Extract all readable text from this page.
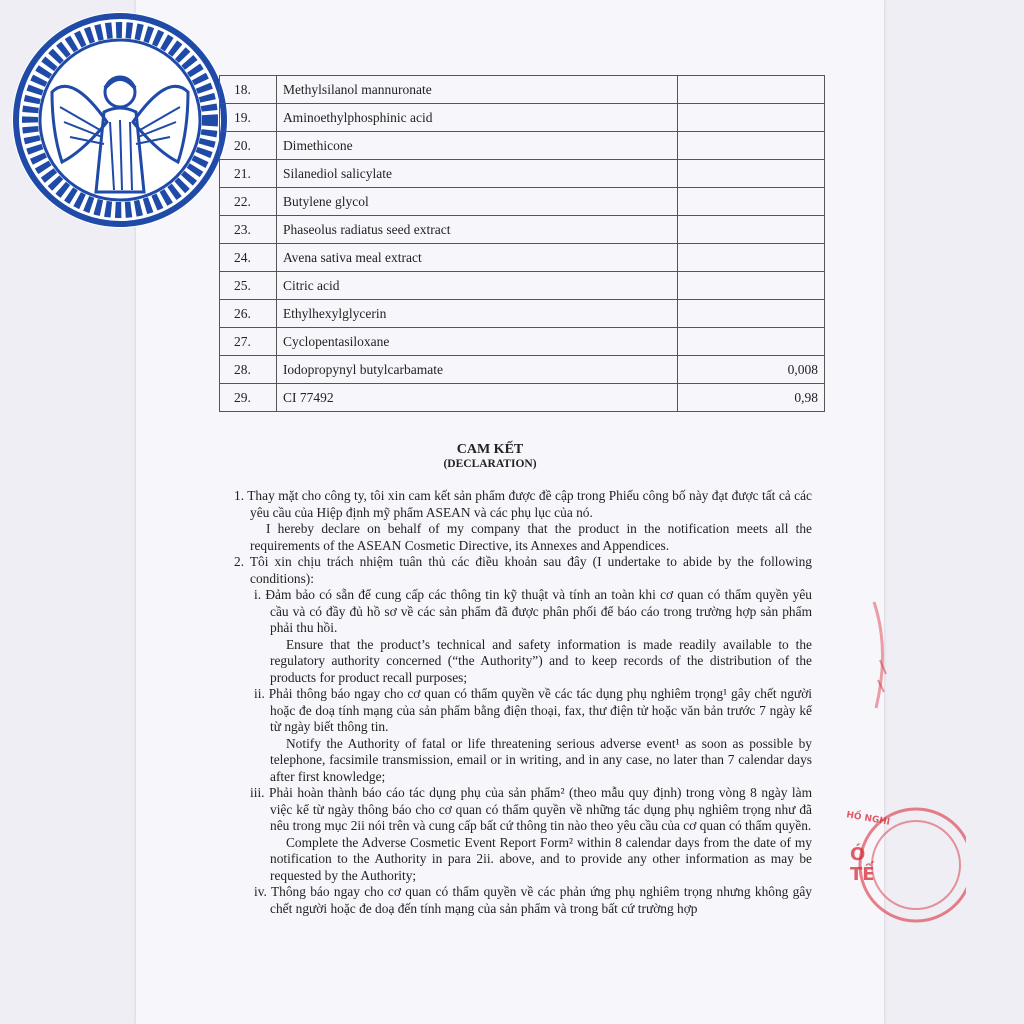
18.	Methylsilanol mannuronate	
19.	Aminoethylphosphinic acid	
20.	Dimethicone	
21.	Silanediol salicylate	
22.	Butylene glycol	
23.	Phaseolus radiatus seed extract	
24.	Avena sativa meal extract	
25.	Citric acid	
26.	Ethylhexylglycerin	
27.	Cyclopentasiloxane	
28.	Iodopropynyl butylcarbamate	0,008
29.	CI 77492	0,98
CAM KẾT
(DECLARATION)

1. Thay mặt cho công ty, tôi xin cam kết sản phẩm được đề cập trong Phiếu công bố này đạt được tất cả các yêu cầu của Hiệp định mỹ phẩm ASEAN và các phụ lục của nó.

I hereby declare on behalf of my company that the product in the notification meets all the requirements of the ASEAN Cosmetic Directive, its Annexes and Appendices.

2. Tôi xin chịu trách nhiệm tuân thủ các điều khoản sau đây (I undertake to abide by the following conditions):

i. Đảm bảo có sẵn để cung cấp các thông tin kỹ thuật và tính an toàn khi cơ quan có thẩm quyền yêu cầu và có đầy đủ hồ sơ về các sản phẩm đã được phân phối để báo cáo trong trường hợp sản phẩm phải thu hồi.

Ensure that the product’s technical and safety information is made readily available to the regulatory authority concerned (“the Authority”) and to keep records of the distribution of the products for product recall purposes;

ii. Phải thông báo ngay cho cơ quan có thẩm quyền về các tác dụng phụ nghiêm trọng¹ gây chết người hoặc đe doạ tính mạng của sản phẩm bằng điện thoại, fax, thư điện tử hoặc văn bản trước 7 ngày kể từ ngày biết thông tin.

Notify the Authority of fatal or life threatening serious adverse event¹ as soon as possible by telephone, facsimile transmission, email or in writing, and in any case, no later than 7 calendar days after first knowledge;

iii. Phải hoàn thành báo cáo tác dụng phụ của sản phẩm² (theo mẫu quy định) trong vòng 8 ngày làm việc kể từ ngày thông báo cho cơ quan có thẩm quyền về những tác dụng phụ nghiêm trọng như đã nêu trong mục 2ii nói trên và cung cấp bất cứ thông tin nào theo yêu cầu của cơ quan có thẩm quyền.

Complete the Adverse Cosmetic Event Report Form² within 8 calendar days from the date of my notification to the Authority in para 2ii. above, and to provide any other information as may be requested by the Authority;

iv. Thông báo ngay cho cơ quan có thẩm quyền về các phản ứng phụ nghiêm trọng nhưng không gây chết người hoặc đe doạ đến tính mạng của sản phẩm và trong bất cứ trường hợp

HỒ NGHI
Ó TẾ
